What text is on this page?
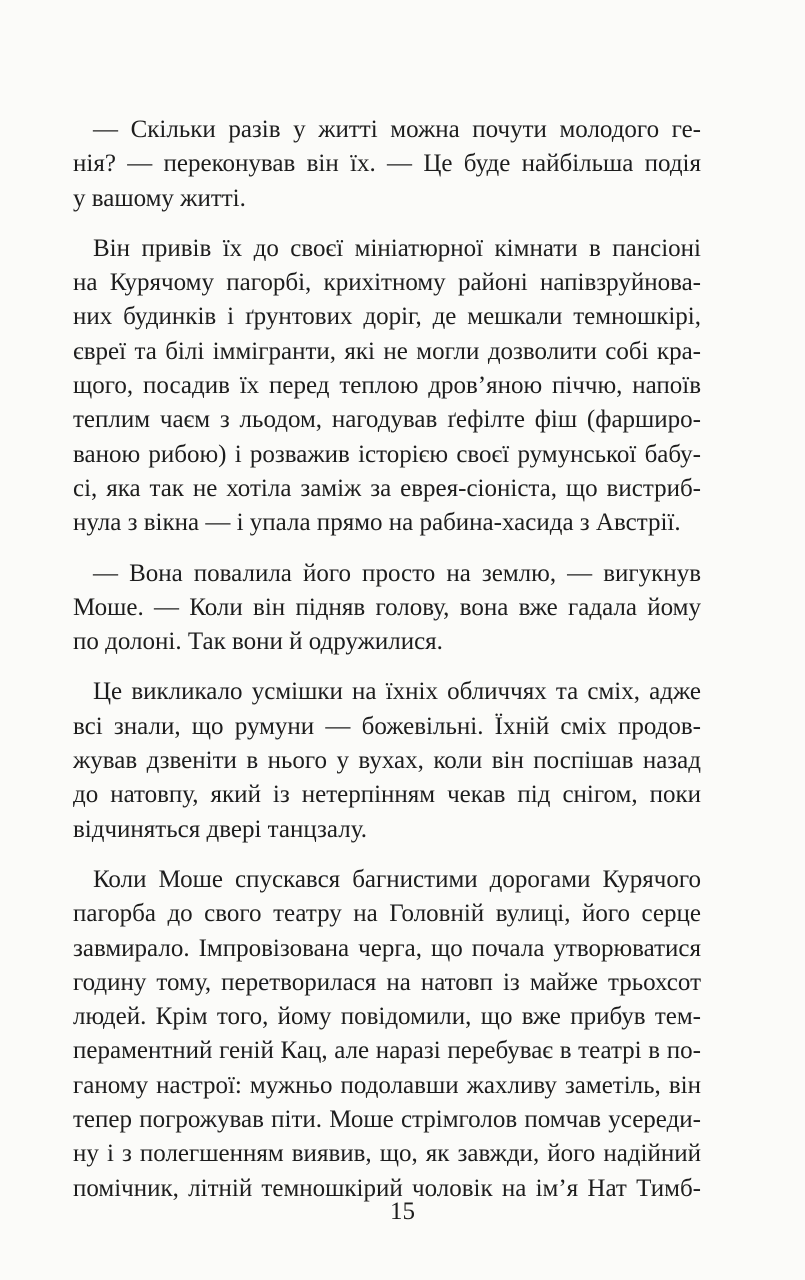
— Скільки разів у житті можна почути молодого ге-
нія? — переконував він їх. — Це буде найбільша подія
у вашому житті.
Він привів їх до своєї мініатюрної кімнати в пансіоні
на Курячому пагорбі, крихітному районі напівзруйнова-
них будинків і ґрунтових доріг, де мешкали темношкірі,
євреї та білі іммігранти, які не могли дозволити собі кра-
щого, посадив їх перед теплою дров’яною піччю, напоїв
теплим чаєм з льодом, нагодував ґефілте фіш (фарширо-
ваною рибою) і розважив історією своєї румунської бабу-
сі, яка так не хотіла заміж за еврея-сіоніста, що вистриб-
нула з вікна — і упала прямо на рабина-хасида з Австрії.
— Вона повалила його просто на землю, — вигукнув
Моше. — Коли він підняв голову, вона вже гадала йому
по долоні. Так вони й одружилися.
Це викликало усмішки на їхніх обличчях та сміх, адже
всі знали, що румуни — божевільні. Їхній сміх продов-
жував дзвеніти в нього у вухах, коли він поспішав назад
до натовпу, який із нетерпінням чекав під снігом, поки
відчиняться двері танцзалу.
Коли Моше спускався багнистими дорогами Курячого
пагорба до свого театру на Головній вулиці, його серце
завмирало. Імпровізована черга, що почала утворюватися
годину тому, перетворилася на натовп із майже трьохсот
людей. Крім того, йому повідомили, що вже прибув тем-
пераментний геній Кац, але наразі перебуває в театрі в по-
ганому настрої: мужньо подолавши жахливу заметіль, він
тепер погрожував піти. Моше стрімголов помчав усереди-
ну і з полегшенням виявив, що, як завжди, його надійний
помічник, літній темношкірий чоловік на ім’я Нат Тимб-
15
